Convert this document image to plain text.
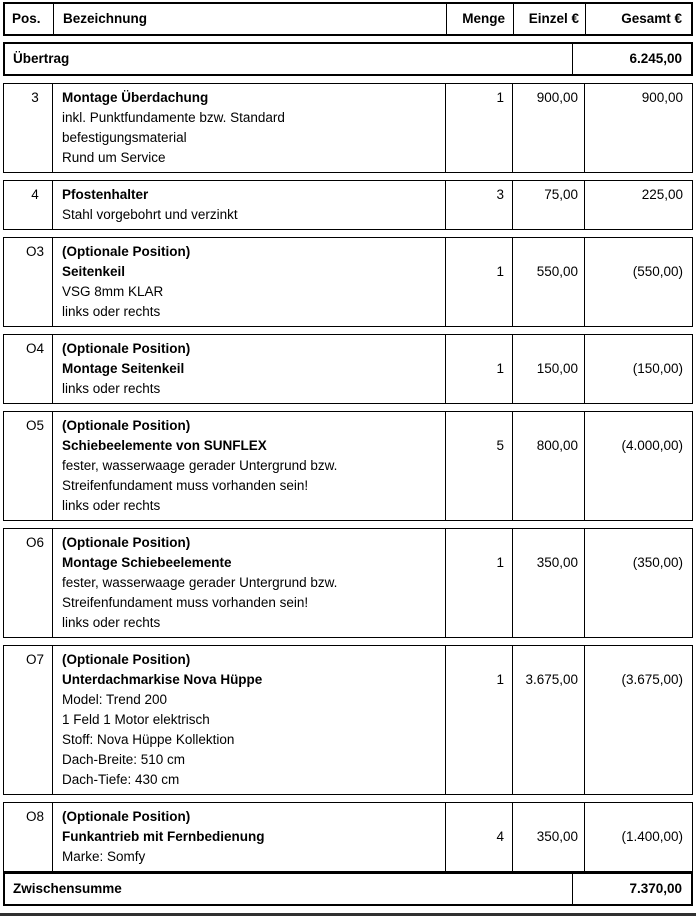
Pos.	Bezeichnung	Menge	Einzel €	Gesamt €
Übertrag	6.245,00
3	Montage Überdachung
inkl. Punktfundamente bzw. Standard
befestigungsmaterial
Rund um Service
1	900,00	900,00
4	Pfostenhalter
Stahl vorgebohrt und verzinkt
3	75,00	225,00
O3	(Optionale Position)
Seitenkeil
VSG 8mm KLAR
links oder rechts
1	550,00	(550,00)
O4	(Optionale Position)
Montage Seitenkeil
links oder rechts
1	150,00	(150,00)
O5	(Optionale Position)
Schiebeelemente von SUNFLEX
fester, wasserwaage gerader Untergrund bzw.
Streifenfundament muss vorhanden sein!
links oder rechts
5	800,00	(4.000,00)
O6	(Optionale Position)
Montage Schiebeelemente
fester, wasserwaage gerader Untergrund bzw.
Streifenfundament muss vorhanden sein!
links oder rechts
1	350,00	(350,00)
O7	(Optionale Position)
Unterdachmarkise Nova Hüppe
Model: Trend 200
1 Feld 1 Motor elektrisch
Stoff: Nova Hüppe Kollektion
Dach-Breite: 510 cm
Dach-Tiefe: 430 cm
1	3.675,00	(3.675,00)
O8	(Optionale Position)
Funkantrieb mit Fernbedienung
Marke: Somfy
4	350,00	(1.400,00)
Zwischensumme	7.370,00
